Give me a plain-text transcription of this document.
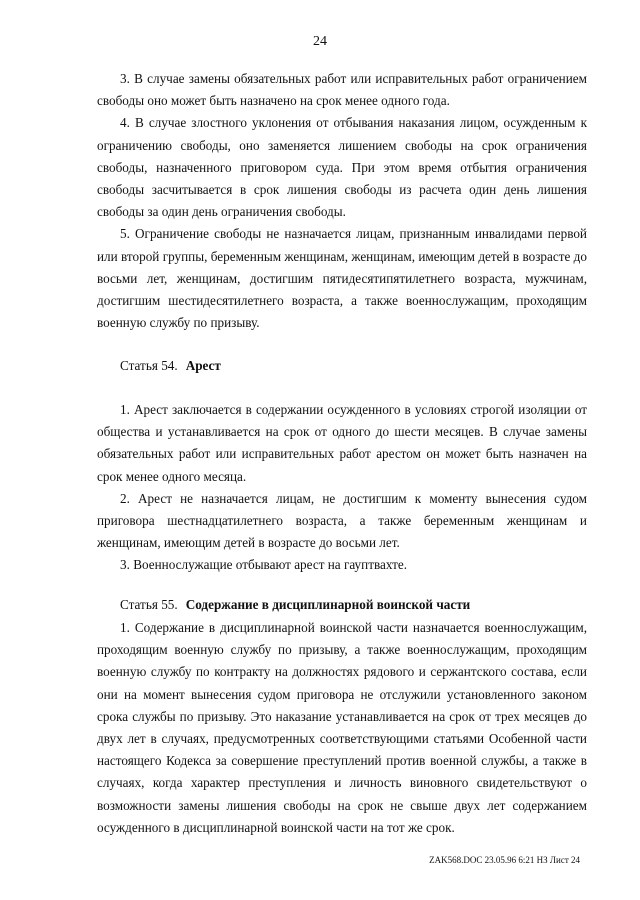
24

3. В случае замены обязательных работ или исправительных работ ограничением свободы оно может быть назначено на срок менее одного года.

4. В случае злостного уклонения от отбывания наказания лицом, осужденным к ограничению свободы, оно заменяется лишением свободы на срок ограничения свободы, назначенного приговором суда. При этом время отбытия ограничения свободы засчитывается в срок лишения свободы из расчета один день лишения свободы за один день ограничения свободы.

5. Ограничение свободы не назначается лицам, признанным инвалидами первой или второй группы, беременным женщинам, женщинам, имеющим детей в возрасте до восьми лет, женщинам, достигшим пятидесятипятилетнего возраста, мужчинам, достигшим шестидесятилетнего возраста, а также военнослужащим, проходящим военную службу по призыву.

Статья 54. Арест

1. Арест заключается в содержании осужденного в условиях строгой изоляции от общества и устанавливается на срок от одного до шести месяцев. В случае замены обязательных работ или исправительных работ арестом он может быть назначен на срок менее одного месяца.

2. Арест не назначается лицам, не достигшим к моменту вынесения судом приговора шестнадцатилетнего возраста, а также беременным женщинам и женщинам, имеющим детей в возрасте до восьми лет.

3. Военнослужащие отбывают арест на гауптвахте.

Статья 55. Содержание в дисциплинарной воинской части

1. Содержание в дисциплинарной воинской части назначается военнослужащим, проходящим военную службу по призыву, а также военнослужащим, проходящим военную службу по контракту на должностях рядового и сержантского состава, если они на момент вынесения судом приговора не отслужили установленного законом срока службы по призыву. Это наказание устанавливается на срок от трех месяцев до двух лет в случаях, предусмотренных соответствующими статьями Особенной части настоящего Кодекса за совершение преступлений против военной службы, а также в случаях, когда характер преступления и личность виновного свидетельствуют о возможности замены лишения свободы на срок не свыше двух лет содержанием осужденного в дисциплинарной воинской части на тот же срок.

ZAK568.DOC 23.05.96 6:21 НЗ Лист 24
